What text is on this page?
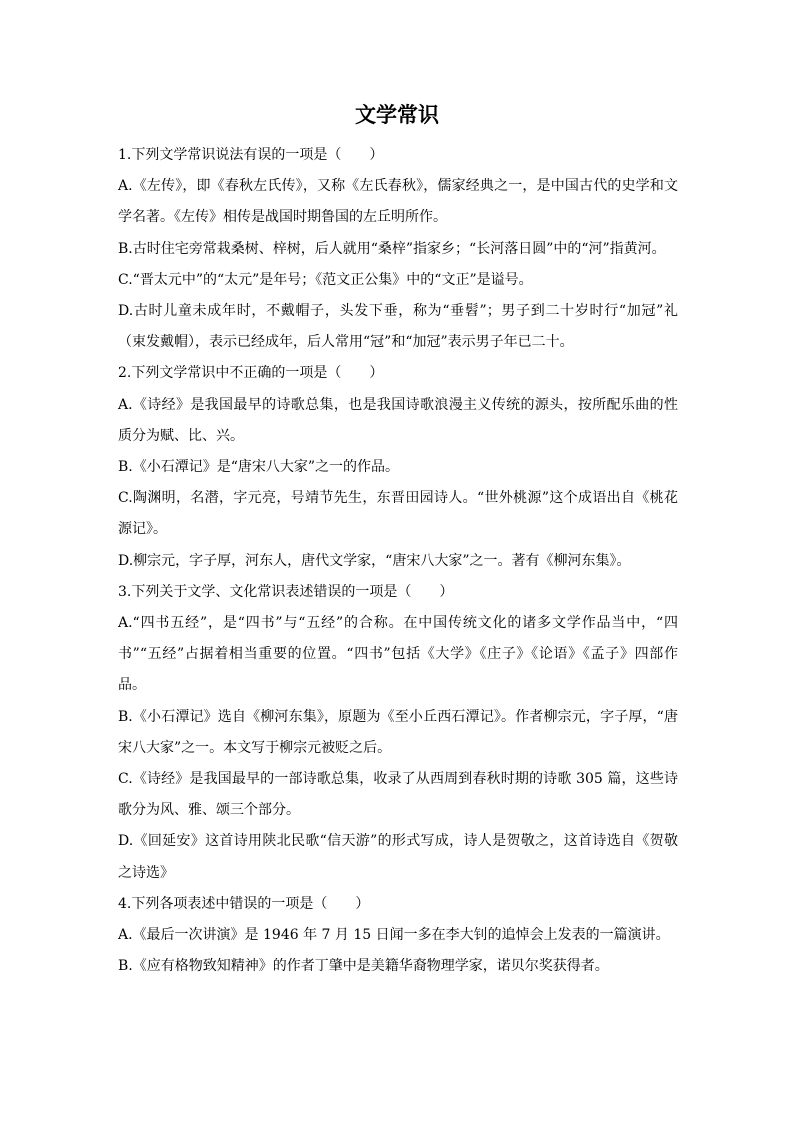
文学常识

1.下列文学常识说法有误的一项是（　　）

A.《左传》，即《春秋左氏传》，又称《左氏春秋》，儒家经典之一，是中国古代的史学和文学名著。《左传》相传是战国时期鲁国的左丘明所作。

B.古时住宅旁常栽桑树、梓树，后人就用“桑梓”指家乡；“长河落日圆”中的“河”指黄河。

C.“晋太元中”的“太元”是年号；《范文正公集》中的“文正”是谥号。

D.古时儿童未成年时，不戴帽子，头发下垂，称为“垂髫”；男子到二十岁时行“加冠”礼（束发戴帽），表示已经成年，后人常用“冠”和“加冠”表示男子年已二十。

2.下列文学常识中不正确的一项是（　　）

A.《诗经》是我国最早的诗歌总集，也是我国诗歌浪漫主义传统的源头，按所配乐曲的性质分为赋、比、兴。

B.《小石潭记》是“唐宋八大家”之一的作品。

C.陶渊明，名潜，字元亮，号靖节先生，东晋田园诗人。“世外桃源”这个成语出自《桃花源记》。

D.柳宗元，字子厚，河东人，唐代文学家，“唐宋八大家”之一。著有《柳河东集》。

3.下列关于文学、文化常识表述错误的一项是（　　）

A.“四书五经”，是“四书”与“五经”的合称。在中国传统文化的诸多文学作品当中，“四书”“五经”占据着相当重要的位置。“四书”包括《大学》《庄子》《论语》《孟子》四部作品。

B.《小石潭记》选自《柳河东集》，原题为《至小丘西石潭记》。作者柳宗元，字子厚，“唐宋八大家”之一。本文写于柳宗元被贬之后。

C.《诗经》是我国最早的一部诗歌总集，收录了从西周到春秋时期的诗歌 305 篇，这些诗歌分为风、雅、颂三个部分。

D.《回延安》这首诗用陕北民歌“信天游”的形式写成，诗人是贺敬之，这首诗选自《贺敬之诗选》

4.下列各项表述中错误的一项是（　　）

A.《最后一次讲演》是 1946 年 7 月 15 日闻一多在李大钊的追悼会上发表的一篇演讲。

B.《应有格物致知精神》的作者丁肇中是美籍华裔物理学家，诺贝尔奖获得者。
